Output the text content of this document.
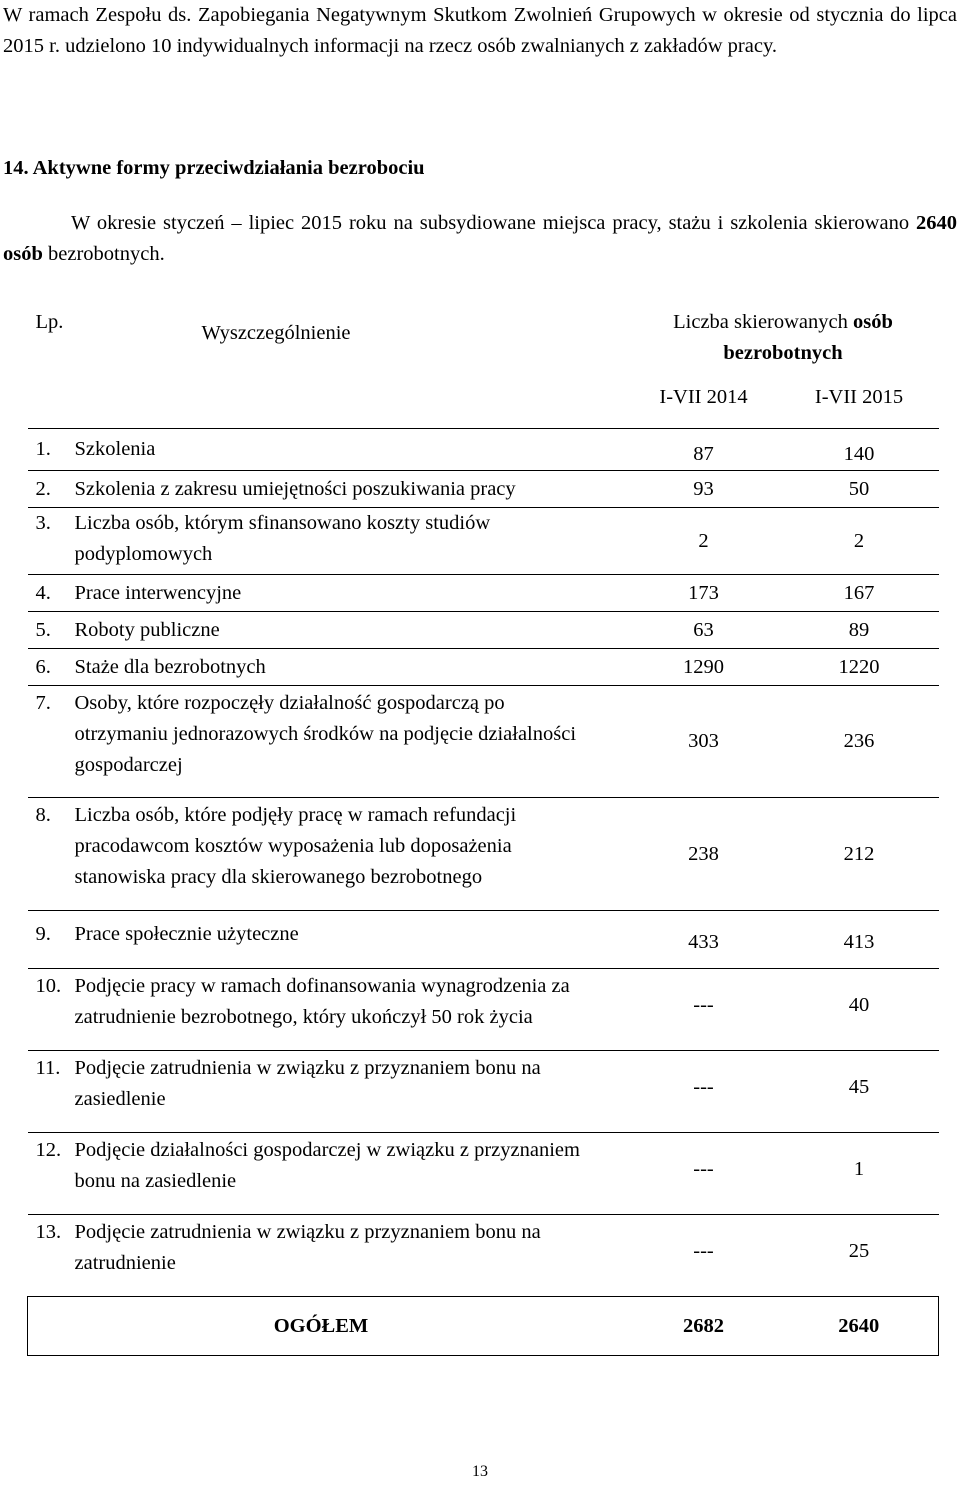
W ramach Zespołu ds. Zapobiegania Negatywnym Skutkom Zwolnień Grupowych w okresie od stycznia do lipca 2015 r. udzielono 10 indywidualnych informacji na rzecz osób zwalnianych z zakładów pracy.

14. Aktywne formy przeciwdziałania bezrobociu

W okresie styczeń – lipiec 2015 roku na subsydiowane miejsca pracy, stażu i szkolenia skierowano 2640 osób bezrobotnych.

Lp.	Wyszczególnienie	Liczba skierowanych osób
bezrobotnych	
		I-VII 2014	I-VII 2015
1.	Szkolenia	87	140
2.	Szkolenia z zakresu umiejętności poszukiwania pracy	93	50
3.	Liczba osób, którym sfinansowano koszty studiów podyplomowych	2	2
4.	Prace interwencyjne	173	167
5.	Roboty publiczne	63	89
6.	Staże dla bezrobotnych	1290	1220
7.	Osoby, które rozpoczęły działalność gospodarczą po otrzymaniu jednorazowych środków na podjęcie działalności gospodarczej	303	236
8.	Liczba osób, które podjęły pracę w ramach refundacji pracodawcom kosztów wyposażenia lub doposażenia stanowiska pracy dla skierowanego bezrobotnego	238	212
9.	Prace społecznie użyteczne	433	413
10.	Podjęcie pracy w ramach dofinansowania wynagrodzenia za zatrudnienie bezrobotnego, który ukończył 50 rok życia	---	40
11.	Podjęcie zatrudnienia w związku z przyznaniem bonu na zasiedlenie	---	45
12.	Podjęcie działalności gospodarczej w związku z przyznaniem bonu na zasiedlenie	---	1
13.	Podjęcie zatrudnienia w związku z przyznaniem bonu na zatrudnienie	---	25
	OGÓŁEM	2682	2640
13
